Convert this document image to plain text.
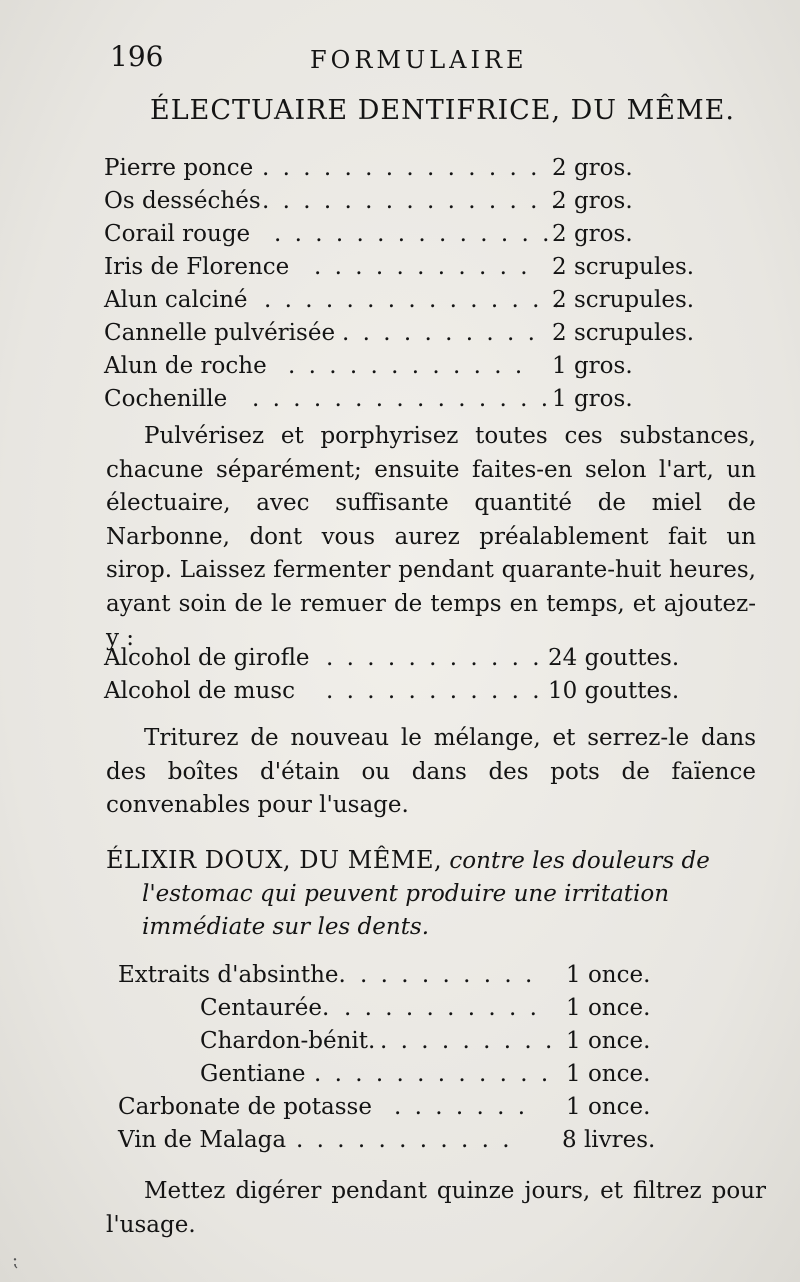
196	FORMULAIRE
ÉLECTUAIRE DENTIFRICE, DU MÊME.
Pierre ponce . . . . . . . . . . . . . . 2 gros.
Os desséchés . . . . . . . . . . . . . . .
2 gros.
Corail rouge . . . . . . . . . . . . . . 2 gros.
Iris de Florence . . . . . . . . . . . 2 scrupules.
Alun calciné . . . . . . . . . . . . . . .
2 scrupules.
Cannelle pulvérisée . . . . . . . . . . 2 scrupules.
Alun de roche . . . . . . . . . . . . 1 gros.
Cochenille . . . . . . . . . . . . . . . 1 gros.

Pulvérisez et porphyrisez toutes ces substances, chacune séparément; ensuite faites-en selon l'art, un électuaire, avec suffisante quantité de miel de Narbonne, dont vous aurez préalablement fait un sirop. Laissez fermenter pendant quarante-huit heures, ayant soin de le remuer de temps en temps, et ajoutez-y :

Alcohol de girofle . . . . . . . . . . . 24 gouttes.
Alcohol de musc . . . . . . . . . . . 10 gouttes.

Triturez de nouveau le mélange, et serrez-le dans des boîtes d'étain ou dans des pots de faïence convenables pour l'usage.

ÉLIXIR DOUX, DU MÊME, contre les douleurs de
l'estomac qui peuvent produire une irritation immédiate sur les dents.
Extraits d'absinthe. . . . . . . . . . 1 once.
Centaurée. . . . . . . . . . . 1 once.
Chardon-bénit. . . . . . . . . . 1 once.
Gentiane . . . . . . . . . . . . 1 once.
Carbonate de potasse . . . . . . . 1 once.
Vin de Malaga . . . . . . . . . . . 8 livres.

Mettez digérer pendant quinze jours, et filtrez pour l'usage.

⁏
